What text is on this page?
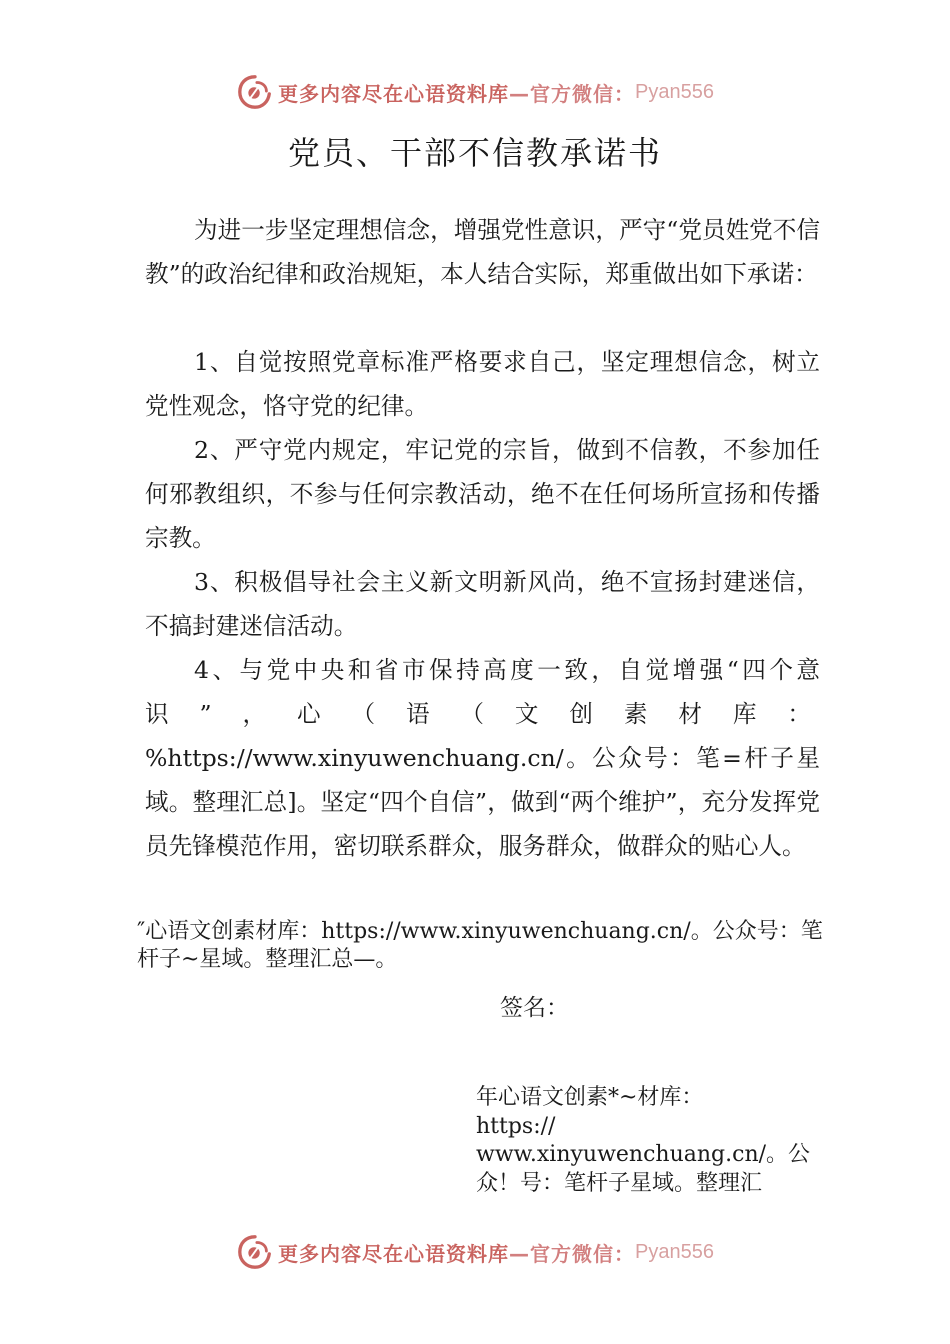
更多内容尽在心语资料库 —官方微信： Pyan556
党员、干部不信教承诺书

为进一步坚定理想信念，增强党性意识，严守“党员姓党不信教”的政治纪律和政治规矩，本人结合实际，郑重做出如下承诺：

1、自觉按照党章标准严格要求自己，坚定理想信念，树立党性观念，恪守党的纪律。

2、严守党内规定，牢记党的宗旨，做到不信教，不参加任何邪教组织，不参与任何宗教活动，绝不在任何场所宣扬和传播宗教。

3、积极倡导社会主义新文明新风尚，绝不宣扬封建迷信，不搞封建迷信活动。

4、与党中央和省市保持高度一致，自觉增强“四个意识”，心（语（文创素材库：%https://www.xinyuwenchuang.cn/。公众号：笔=杆子星域。整理汇总]。坚定“四个自信”，做到“两个维护”，充分发挥党员先锋模范作用，密切联系群众，服务群众，做群众的贴心人。

″心语文创素材库：https://www.xinyuwenchuang.cn/。公众号：笔杆子~星域。整理汇总—。

签名：

年心语文创素*~材库：
https://
www.xinyuwenchuang.cn/。公
众！号：笔杆子星域。整理汇

更多内容尽在心语资料库 —官方微信： Pyan556
